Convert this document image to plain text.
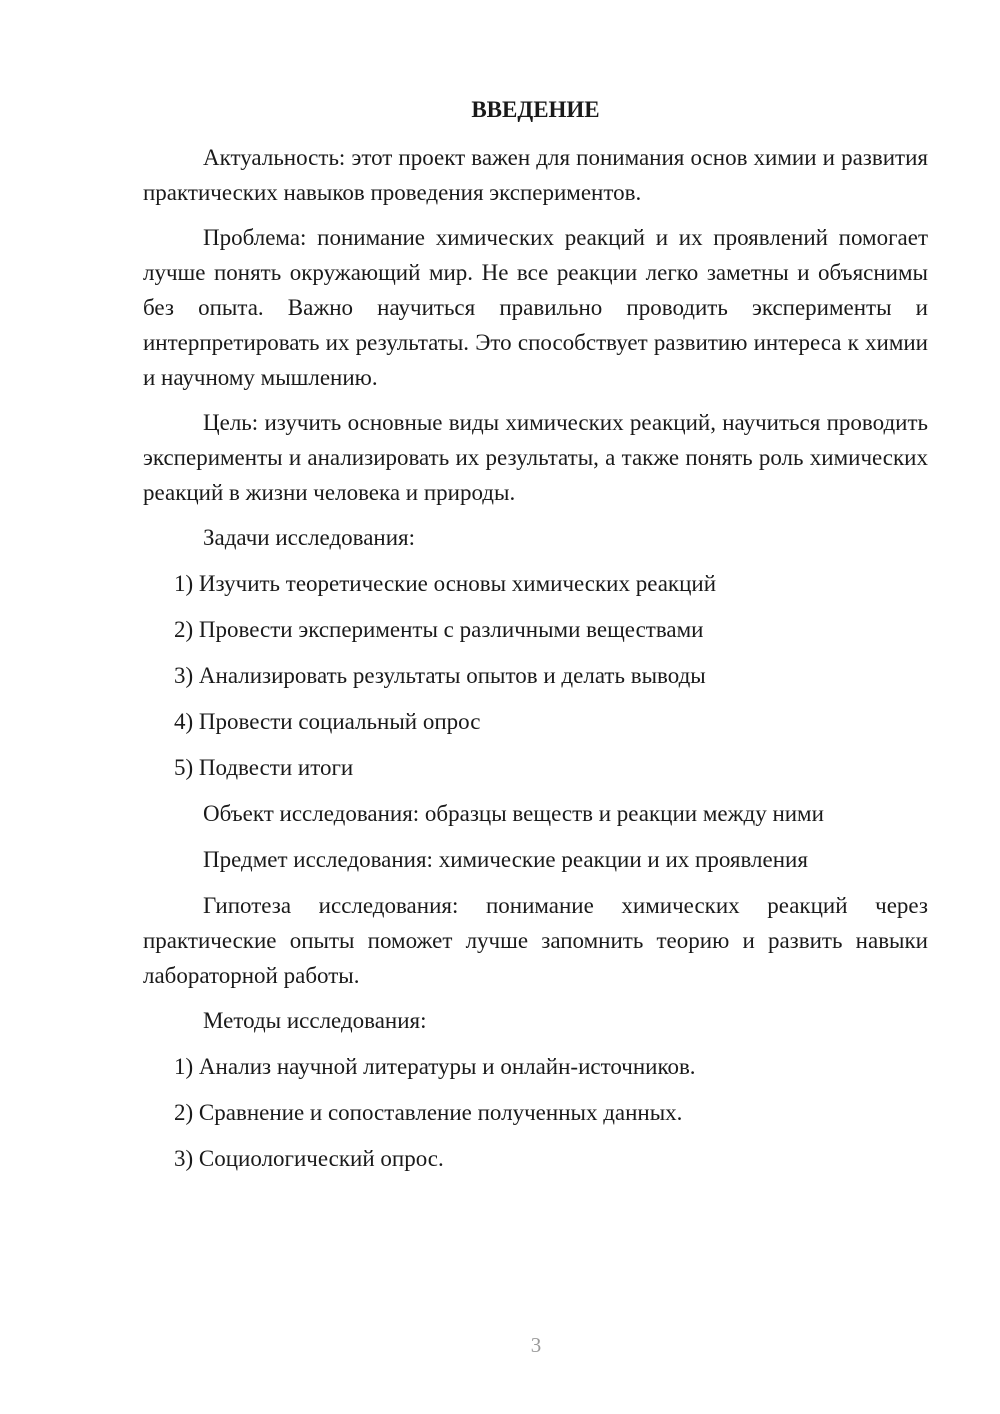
ВВЕДЕНИЕ

Актуальность: этот проект важен для понимания основ химии и развития практических навыков проведения экспериментов.

Проблема: понимание химических реакций и их проявлений помогает лучше понять окружающий мир. Не все реакции легко заметны и объяснимы без опыта. Важно научиться правильно проводить эксперименты и интерпретировать их результаты. Это способствует развитию интереса к химии и научному мышлению.

Цель: изучить основные виды химических реакций, научиться проводить эксперименты и анализировать их результаты, а также понять роль химических реакций в жизни человека и природы.

Задачи исследования:
1) Изучить теоретические основы химических реакций
2) Провести эксперименты с различными веществами
3) Анализировать результаты опытов и делать выводы
4) Провести социальный опрос
5) Подвести итоги
Объект исследования: образцы веществ и реакции между ними
Предмет исследования: химические реакции и их проявления

Гипотеза исследования: понимание химических реакций через практические опыты поможет лучше запомнить теорию и развить навыки лабораторной работы.

Методы исследования:
1) Анализ научной литературы и онлайн-источников.
2) Сравнение и сопоставление полученных данных.
3) Социологический опрос.
3
